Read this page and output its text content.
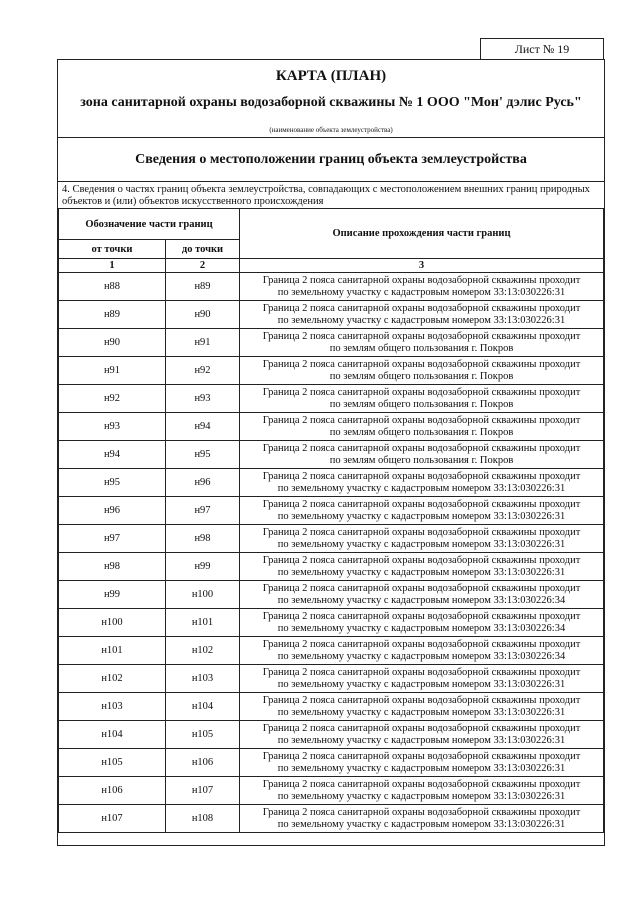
Лист № 19
КАРТА (ПЛАН)
зона санитарной охраны водозаборной скважины № 1 ООО "Мон' дэлис Русь"
(наименование объекта землеустройства)
Сведения о местоположении границ объекта землеустройства
4. Сведения о частях границ объекта землеустройства, совпадающих с местоположением внешних границ природных объектов и (или) объектов искусственного происхождения
Обозначение части границ		Описание прохождения части границ
от точки	до точки	
1	2	3
н88	н89	Граница 2 пояса санитарной охраны водозаборной скважины проходит
по земельному участку с кадастровым номером 33:13:030226:31

н89	н90	Граница 2 пояса санитарной охраны водозаборной скважины проходит
по земельному участку с кадастровым номером 33:13:030226:31

н90	н91	Граница 2 пояса санитарной охраны водозаборной скважины проходит
по землям общего пользования г. Покров

н91	н92	Граница 2 пояса санитарной охраны водозаборной скважины проходит
по землям общего пользования г. Покров

н92	н93	Граница 2 пояса санитарной охраны водозаборной скважины проходит
по землям общего пользования г. Покров

н93	н94	Граница 2 пояса санитарной охраны водозаборной скважины проходит
по землям общего пользования г. Покров

н94	н95	Граница 2 пояса санитарной охраны водозаборной скважины проходит
по землям общего пользования г. Покров

н95	н96	Граница 2 пояса санитарной охраны водозаборной скважины проходит
по земельному участку с кадастровым номером 33:13:030226:31

н96	н97	Граница 2 пояса санитарной охраны водозаборной скважины проходит
по земельному участку с кадастровым номером 33:13:030226:31

н97	н98	Граница 2 пояса санитарной охраны водозаборной скважины проходит
по земельному участку с кадастровым номером 33:13:030226:31

н98	н99	Граница 2 пояса санитарной охраны водозаборной скважины проходит
по земельному участку с кадастровым номером 33:13:030226:31

н99	н100	Граница 2 пояса санитарной охраны водозаборной скважины проходит
по земельному участку с кадастровым номером 33:13:030226:34

н100	н101	Граница 2 пояса санитарной охраны водозаборной скважины проходит
по земельному участку с кадастровым номером 33:13:030226:34

н101	н102	Граница 2 пояса санитарной охраны водозаборной скважины проходит
по земельному участку с кадастровым номером 33:13:030226:34

н102	н103	Граница 2 пояса санитарной охраны водозаборной скважины проходит
по земельному участку с кадастровым номером 33:13:030226:31

н103	н104	Граница 2 пояса санитарной охраны водозаборной скважины проходит
по земельному участку с кадастровым номером 33:13:030226:31

н104	н105	Граница 2 пояса санитарной охраны водозаборной скважины проходит
по земельному участку с кадастровым номером 33:13:030226:31

н105	н106	Граница 2 пояса санитарной охраны водозаборной скважины проходит
по земельному участку с кадастровым номером 33:13:030226:31

н106	н107	Граница 2 пояса санитарной охраны водозаборной скважины проходит
по земельному участку с кадастровым номером 33:13:030226:31

н107	н108	Граница 2 пояса санитарной охраны водозаборной скважины проходит
по земельному участку с кадастровым номером 33:13:030226:31
